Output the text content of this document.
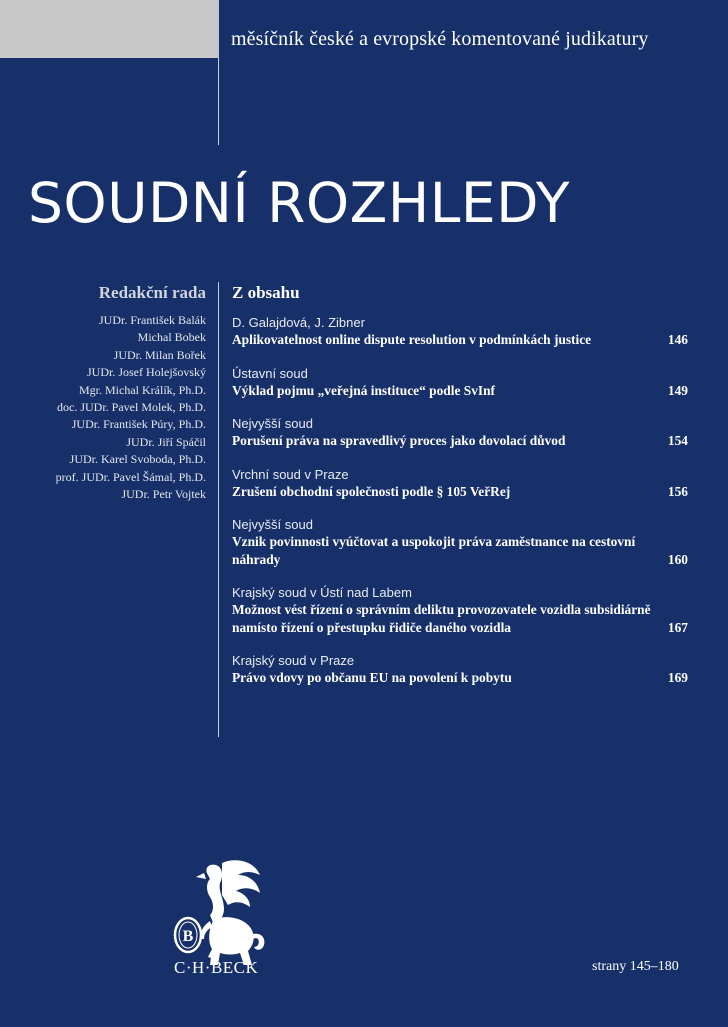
měsíčník české a evropské komentované judikatury
SOUDNÍ ROZHLEDY
Redakční rada
JUDr. František Balák
Michal Bobek
JUDr. Milan Bořek
JUDr. Josef Holejšovský
Mgr. Michal Králík, Ph.D.
doc. JUDr. Pavel Molek, Ph.D.
JUDr. František Púry, Ph.D.
JUDr. Jiří Spáčil
JUDr. Karel Svoboda, Ph.D.
prof. JUDr. Pavel Šámal, Ph.D.
JUDr. Petr Vojtek
Z obsahu
D. Galajdová, J. Zibner
Aplikovatelnost online dispute resolution v podmínkách justice	146
Ústavní soud
Výklad pojmu „veřejná instituce“ podle SvInf	149
Nejvyšší soud
Porušení práva na spravedlivý proces jako dovolací důvod	154
Vrchní soud v Praze
Zrušení obchodní společnosti podle § 105 VeřRej	156
Nejvyšší soud
Vznik povinnosti vyúčtovat a uspokojit práva zaměstnance na cestovní náhrady	160
Krajský soud v Ústí nad Labem
Možnost vést řízení o správním deliktu provozovatele vozidla subsidiárně namísto řízení o přestupku řidiče daného vozidla	167
Krajský soud v Praze
Právo vdovy po občanu EU na povolení k pobytu	169
B
C·H·BECK	strany 145–180
